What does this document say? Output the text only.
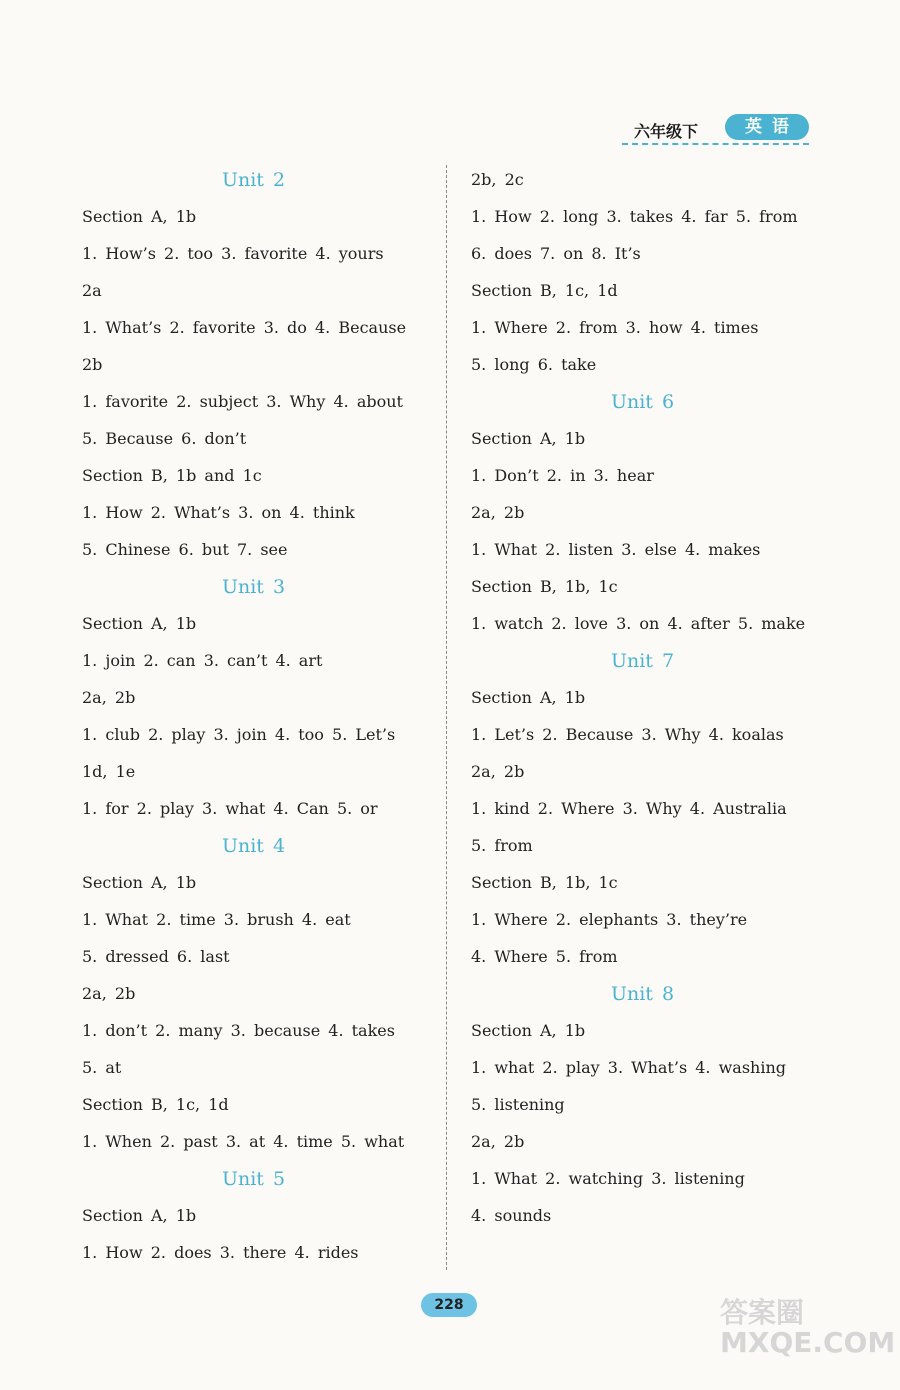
六年级下	英语
Unit 2
Section A, 1b
1. How’s 2. too 3. favorite 4. yours
2a
1. What’s 2. favorite 3. do 4. Because
2b
1. favorite 2. subject 3. Why 4. about
5. Because 6. don’t
Section B, 1b and 1c
1. How 2. What’s 3. on 4. think
5. Chinese 6. but 7. see
Unit 3
Section A, 1b
1. join 2. can 3. can’t 4. art
2a, 2b
1. club 2. play 3. join 4. too 5. Let’s
1d, 1e
1. for 2. play 3. what 4. Can 5. or
Unit 4
Section A, 1b
1. What 2. time 3. brush 4. eat
5. dressed 6. last
2a, 2b
1. don’t 2. many 3. because 4. takes
5. at
Section B, 1c, 1d
1. When 2. past 3. at 4. time 5. what
Unit 5
Section A, 1b
1. How 2. does 3. there 4. rides
2b, 2c
1. How 2. long 3. takes 4. far 5. from
6. does 7. on 8. It’s
Section B, 1c, 1d
1. Where 2. from 3. how 4. times
5. long 6. take
Unit 6
Section A, 1b
1. Don’t 2. in 3. hear
2a, 2b
1. What 2. listen 3. else 4. makes
Section B, 1b, 1c
1. watch 2. love 3. on 4. after 5. make
Unit 7
Section A, 1b
1. Let’s 2. Because 3. Why 4. koalas
2a, 2b
1. kind 2. Where 3. Why 4. Australia
5. from
Section B, 1b, 1c
1. Where 2. elephants 3. they’re
4. Where 5. from
Unit 8
Section A, 1b
1. what 2. play 3. What’s 4. washing
5. listening
2a, 2b
1. What 2. watching 3. listening
4. sounds
228	答案圈
MXQE.COM
